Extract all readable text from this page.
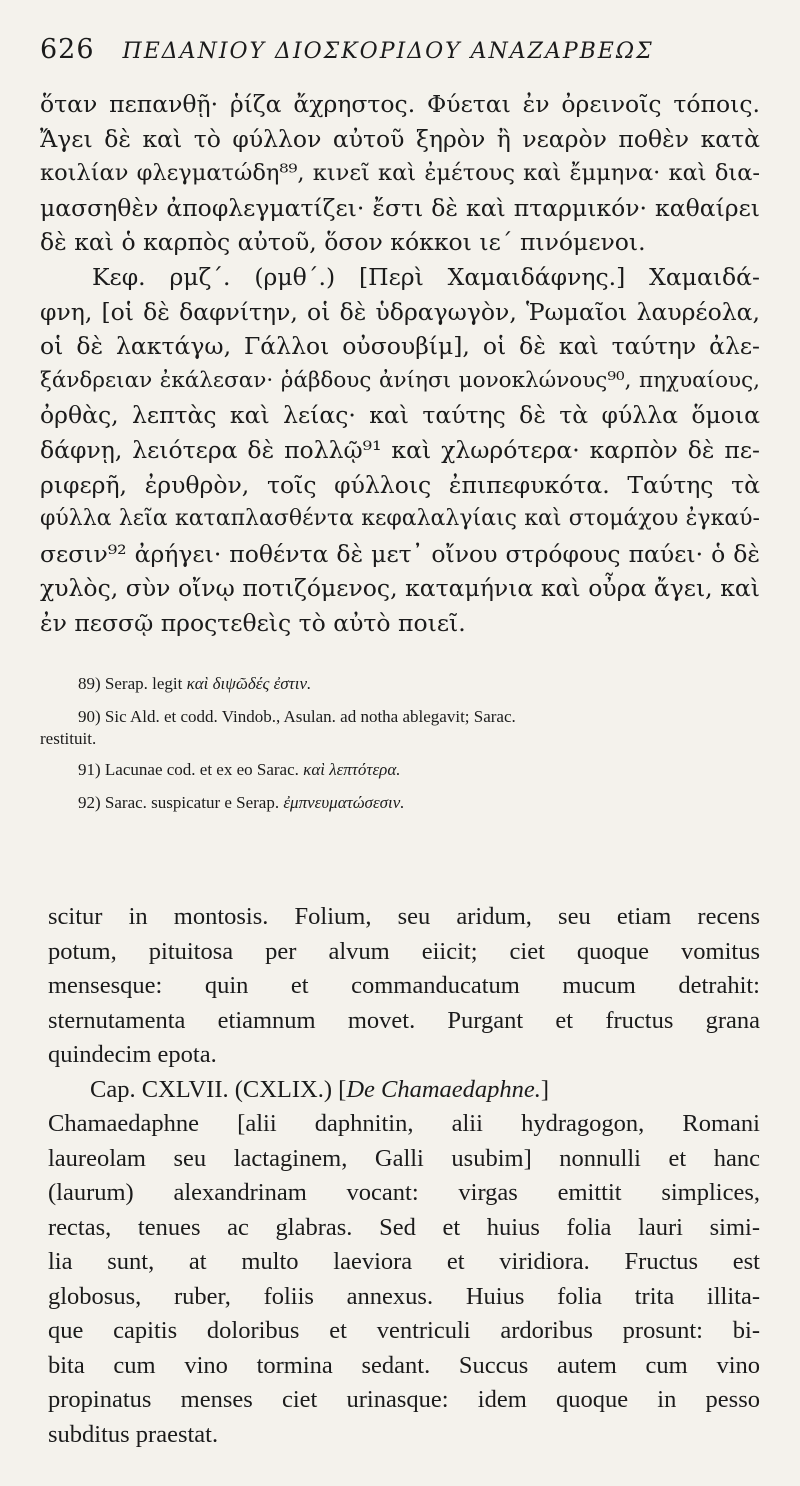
626 ΠΕΔΑΝΙΟΥ ΔΙΟΣΚΟΡΙΔΟΥ ΑΝΑΖΑΡΒΕΩΣ
ὅταν πεπανθῇ· ῥίζα ἄχρηστος. Φύεται ἐν ὀρεινοῖς τόποις.
Ἄγει δὲ καὶ τὸ φύλλον αὐτοῦ ξηρὸν ἢ νεαρὸν ποθὲν κατὰ
κοιλίαν φλεγματώδη⁸⁹, κινεῖ καὶ ἐμέτους καὶ ἔμμηνα· καὶ δια-
μασσηθὲν ἀποφλεγματίζει· ἔστι δὲ καὶ πταρμικόν· καθαίρει
δὲ καὶ ὁ καρπὸς αὐτοῦ, ὅσον κόκκοι ιε΄ πινόμενοι.
Κεφ. ρμζ΄. (ρμθ΄.) [Περὶ Χαμαιδάφνης.] Χαμαιδά-
φνη, [οἱ δὲ δαφνίτην, οἱ δὲ ὑδραγωγὸν, Ῥωμαῖοι λαυρέολα,
οἱ δὲ λακτάγω, Γάλλοι οὐσουβίμ], οἱ δὲ καὶ ταύτην ἀλε-
ξάνδρειαν ἐκάλεσαν· ῥάβδους ἀνίησι μονοκλώνους⁹⁰, πηχυαίους,
ὀρθὰς, λεπτὰς καὶ λείας· καὶ ταύτης δὲ τὰ φύλλα ὅμοια
δάφνῃ, λειότερα δὲ πολλῷ⁹¹ καὶ χλωρότερα· καρπὸν δὲ πε-
ριφερῆ, ἐρυθρὸν, τοῖς φύλλοις ἐπιπεφυκότα. Ταύτης τὰ
φύλλα λεῖα καταπλασθέντα κεφαλαλγίαις καὶ στομάχου ἐγκαύ-
σεσιν⁹² ἀρήγει· ποθέντα δὲ μετ᾽ οἴνου στρόφους παύει· ὁ δὲ
χυλὸς, σὺν οἴνῳ ποτιζόμενος, καταμήνια καὶ οὖρα ἄγει, καὶ
ἐν πεσσῷ προςτεθεὶς τὸ αὐτὸ ποιεῖ.
89) Serap. legit καὶ διψῶδές ἐστιν.
90) Sic Ald. et codd. Vindob., Asulan. ad notha ablegavit; Sarac.
restituit.
91) Lacunae cod. et ex eo Sarac. καὶ λεπτότερα.
92) Sarac. suspicatur e Serap. ἐμπνευματώσεσιν.
scitur in montosis. Folium, seu aridum, seu etiam recens
potum, pituitosa per alvum eiicit; ciet quoque vomitus
mensesque: quin et commanducatum mucum detrahit:
sternutamenta etiamnum movet. Purgant et fructus grana
quindecim epota.
Cap. CXLVII. (CXLIX.) [De Chamaedaphne.]
Chamaedaphne [alii daphnitin, alii hydragogon, Romani
laureolam seu lactaginem, Galli usubim] nonnulli et hanc
(laurum) alexandrinam vocant: virgas emittit simplices,
rectas, tenues ac glabras. Sed et huius folia lauri simi-
lia sunt, at multo laeviora et viridiora. Fructus est
globosus, ruber, foliis annexus. Huius folia trita illita-
que capitis doloribus et ventriculi ardoribus prosunt: bi-
bita cum vino tormina sedant. Succus autem cum vino
propinatus menses ciet urinasque: idem quoque in pesso
subditus praestat.
